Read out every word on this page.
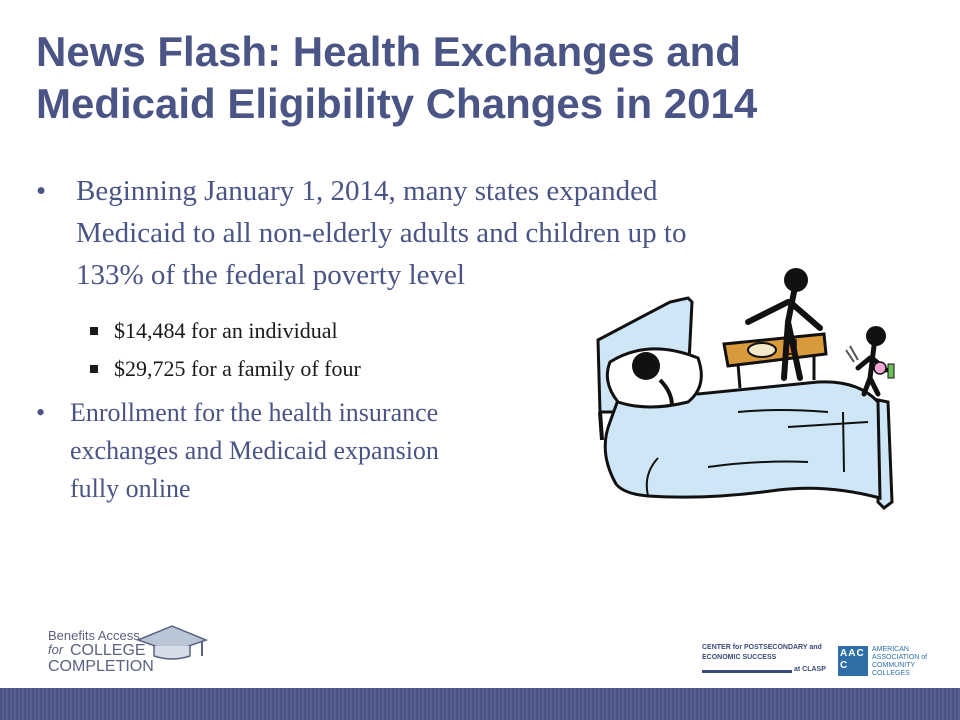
News Flash: Health Exchanges and
Medicaid Eligibility Changes in 2014
• Beginning January 1, 2014, many states expanded
Medicaid to all non-elderly adults and children up to
133% of the federal poverty level
$14,484 for an individual
$29,725 for a family of four
• Enrollment for the health insurance
exchanges and Medicaid expansion
fully online
Benefits Access
for COLLEGE
COMPLETION
CENTER for POSTSECONDARY and
ECONOMIC SUCCESS
at CLASP
AACC
AMERICAN
ASSOCIATION of
COMMUNITY
COLLEGES
